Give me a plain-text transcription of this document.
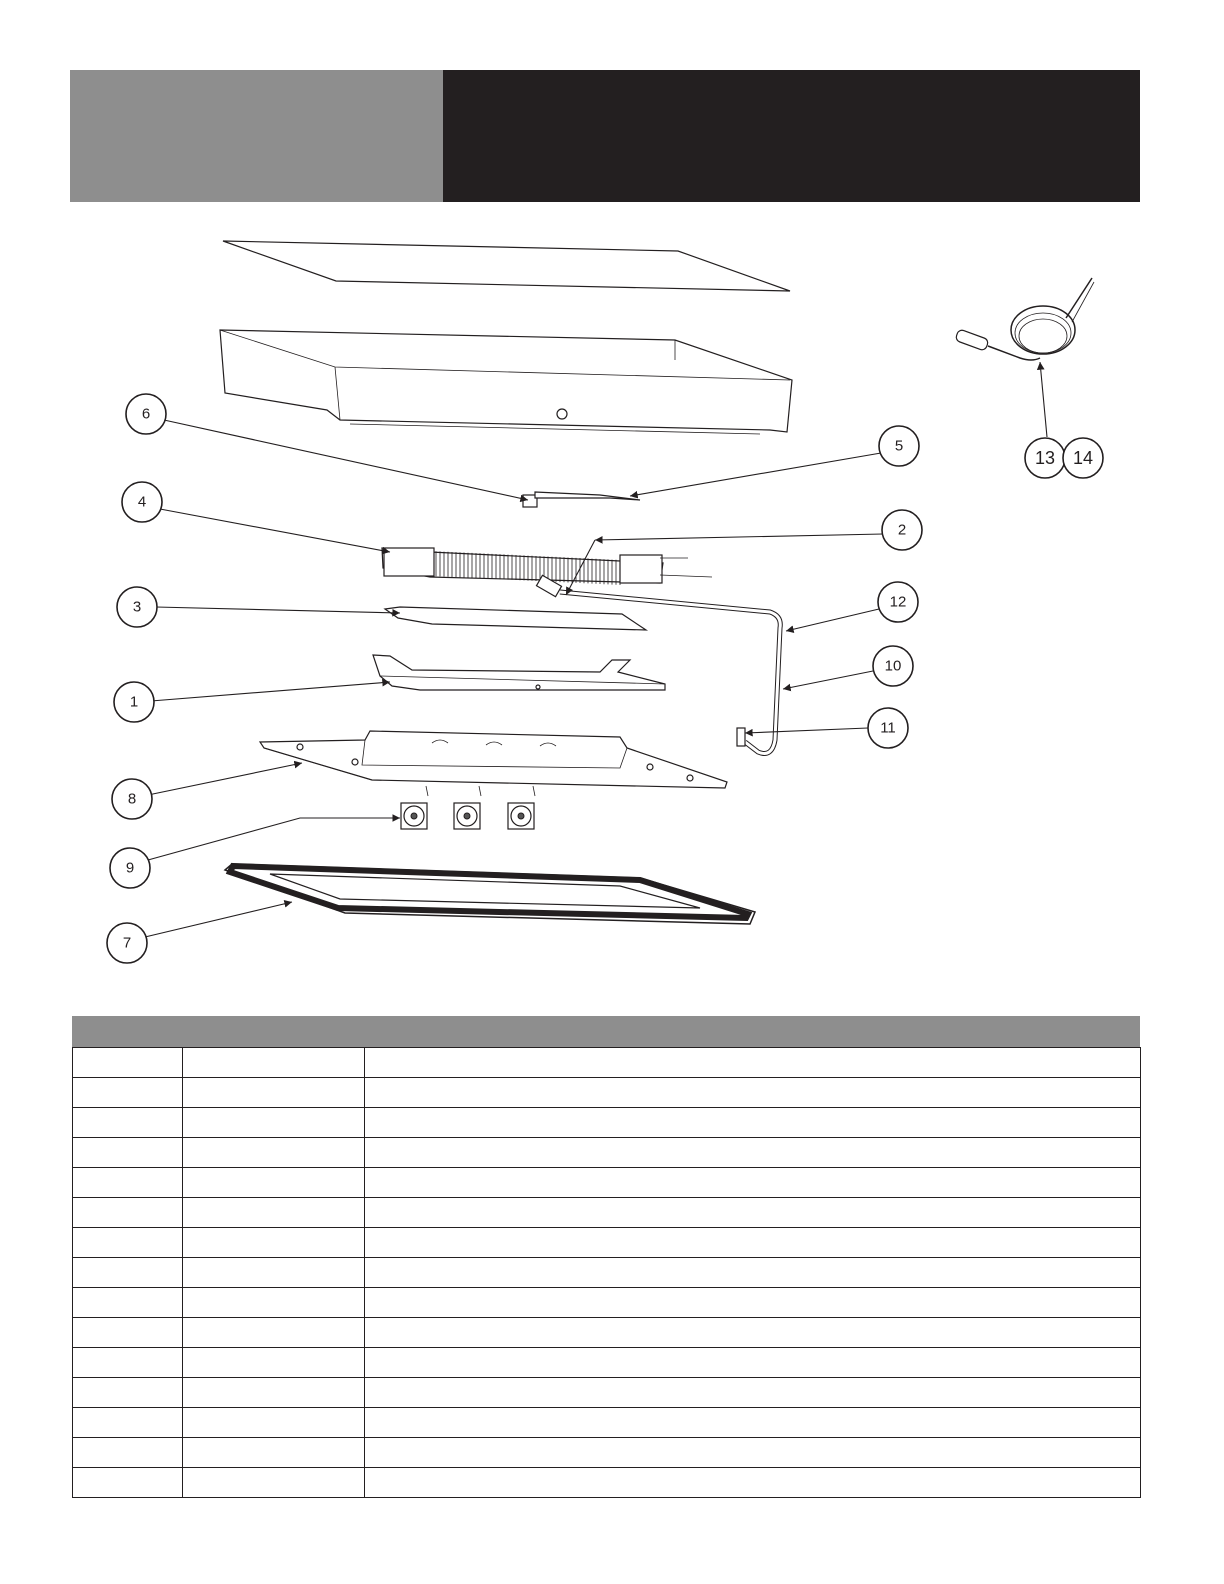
6
5
4
2
12
3
10
1
11
8
9
7
13 14
